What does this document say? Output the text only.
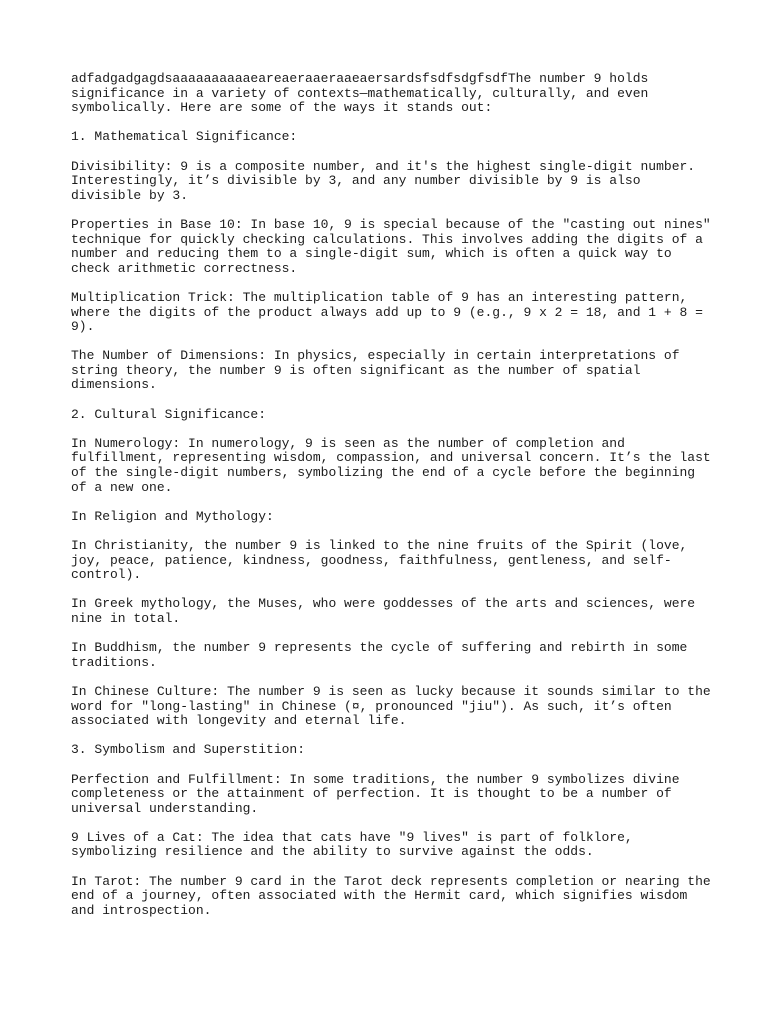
adfadgadgagdsaaaaaaaaaaeareaeraaeraaeaersardsfsdfsdgfsdfThe number 9 holds significance in a variety of contexts—mathematically, culturally, and even symbolically. Here are some of the ways it stands out:

1. Mathematical Significance:

Divisibility: 9 is a composite number, and it's the highest single-digit number. Interestingly, it’s divisible by 3, and any number divisible by 9 is also divisible by 3.

Properties in Base 10: In base 10, 9 is special because of the "casting out nines" technique for quickly checking calculations. This involves adding the digits of a number and reducing them to a single-digit sum, which is often a quick way to check arithmetic correctness.

Multiplication Trick: The multiplication table of 9 has an interesting pattern, where the digits of the product always add up to 9 (e.g., 9 x 2 = 18, and 1 + 8 = 9).

The Number of Dimensions: In physics, especially in certain interpretations of string theory, the number 9 is often significant as the number of spatial dimensions.

2. Cultural Significance:

In Numerology: In numerology, 9 is seen as the number of completion and fulfillment, representing wisdom, compassion, and universal concern. It’s the last of the single-digit numbers, symbolizing the end of a cycle before the beginning of a new one.

In Religion and Mythology:

In Christianity, the number 9 is linked to the nine fruits of the Spirit (love, joy, peace, patience, kindness, goodness, faithfulness, gentleness, and self-control).

In Greek mythology, the Muses, who were goddesses of the arts and sciences, were nine in total.

In Buddhism, the number 9 represents the cycle of suffering and rebirth in some traditions.

In Chinese Culture: The number 9 is seen as lucky because it sounds similar to the word for "long-lasting" in Chinese (¤, pronounced "jiu"). As such, it’s often associated with longevity and eternal life.

3. Symbolism and Superstition:

Perfection and Fulfillment: In some traditions, the number 9 symbolizes divine completeness or the attainment of perfection. It is thought to be a number of universal understanding.

9 Lives of a Cat: The idea that cats have "9 lives" is part of folklore, symbolizing resilience and the ability to survive against the odds.

In Tarot: The number 9 card in the Tarot deck represents completion or nearing the end of a journey, often associated with the Hermit card, which signifies wisdom and introspection.
